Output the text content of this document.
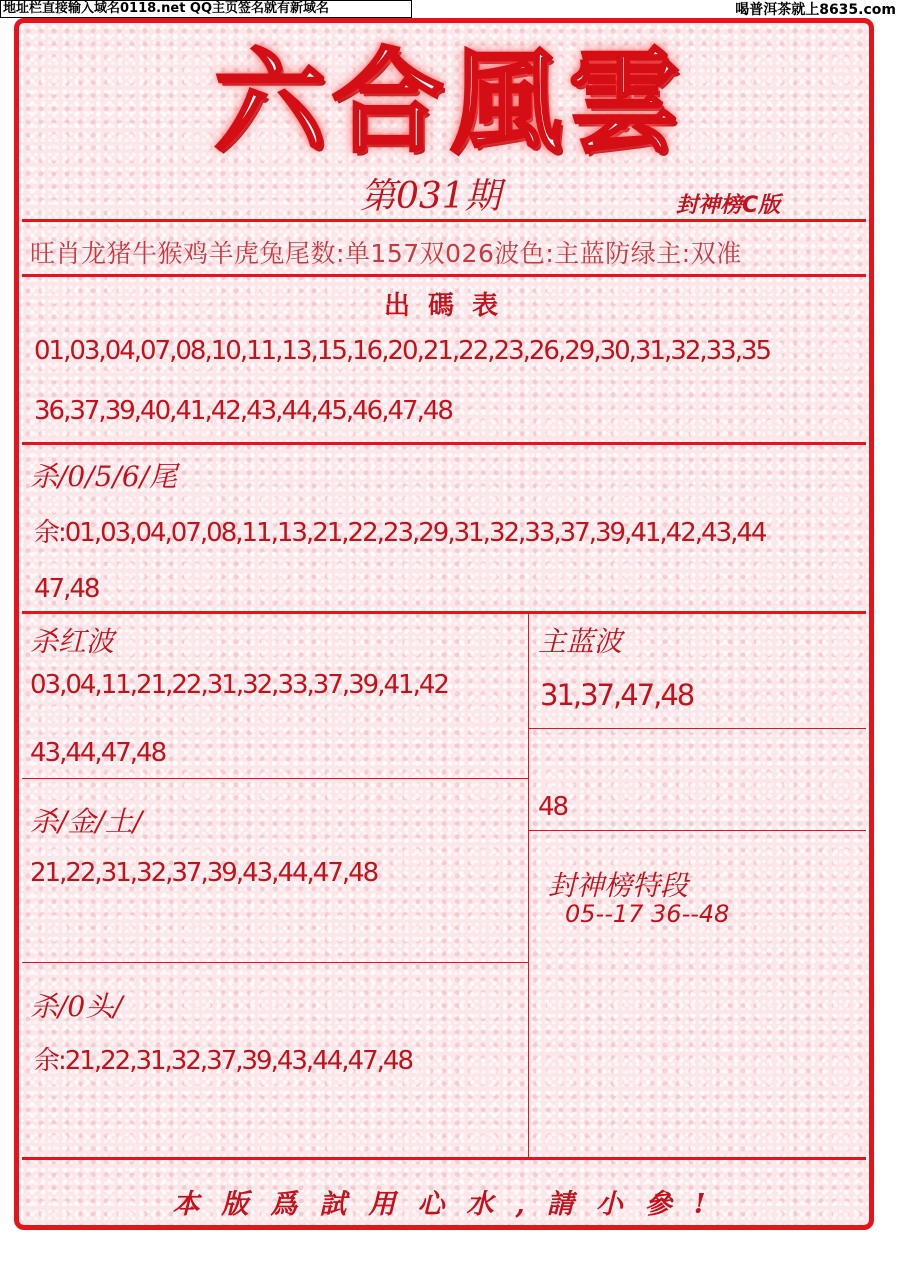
地址栏直接输入域名0118.net QQ主页签名就有新域名	喝普洱茶就上8635.com
六合風雲
第031期	封神榜C版
旺肖龙猪牛猴鸡羊虎兔尾数:单157双026波色:主蓝防绿主:双准
出碼表
01,03,04,07,08,10,11,13,15,16,20,21,22,23,26,29,30,31,32,33,35
36,37,39,40,41,42,43,44,45,46,47,48
杀/0/5/6/尾
余:01,03,04,07,08,11,13,21,22,23,29,31,32,33,37,39,41,42,43,44
47,48
杀红波
03,04,11,21,22,31,32,33,37,39,41,42
43,44,47,48
主蓝波
31,37,47,48
48
杀/金/土/
21,22,31,32,37,39,43,44,47,48	封神榜特段
05--17 36--48
杀/0头/
余:21,22,31,32,37,39,43,44,47,48
本版爲試用心水,請小參!
